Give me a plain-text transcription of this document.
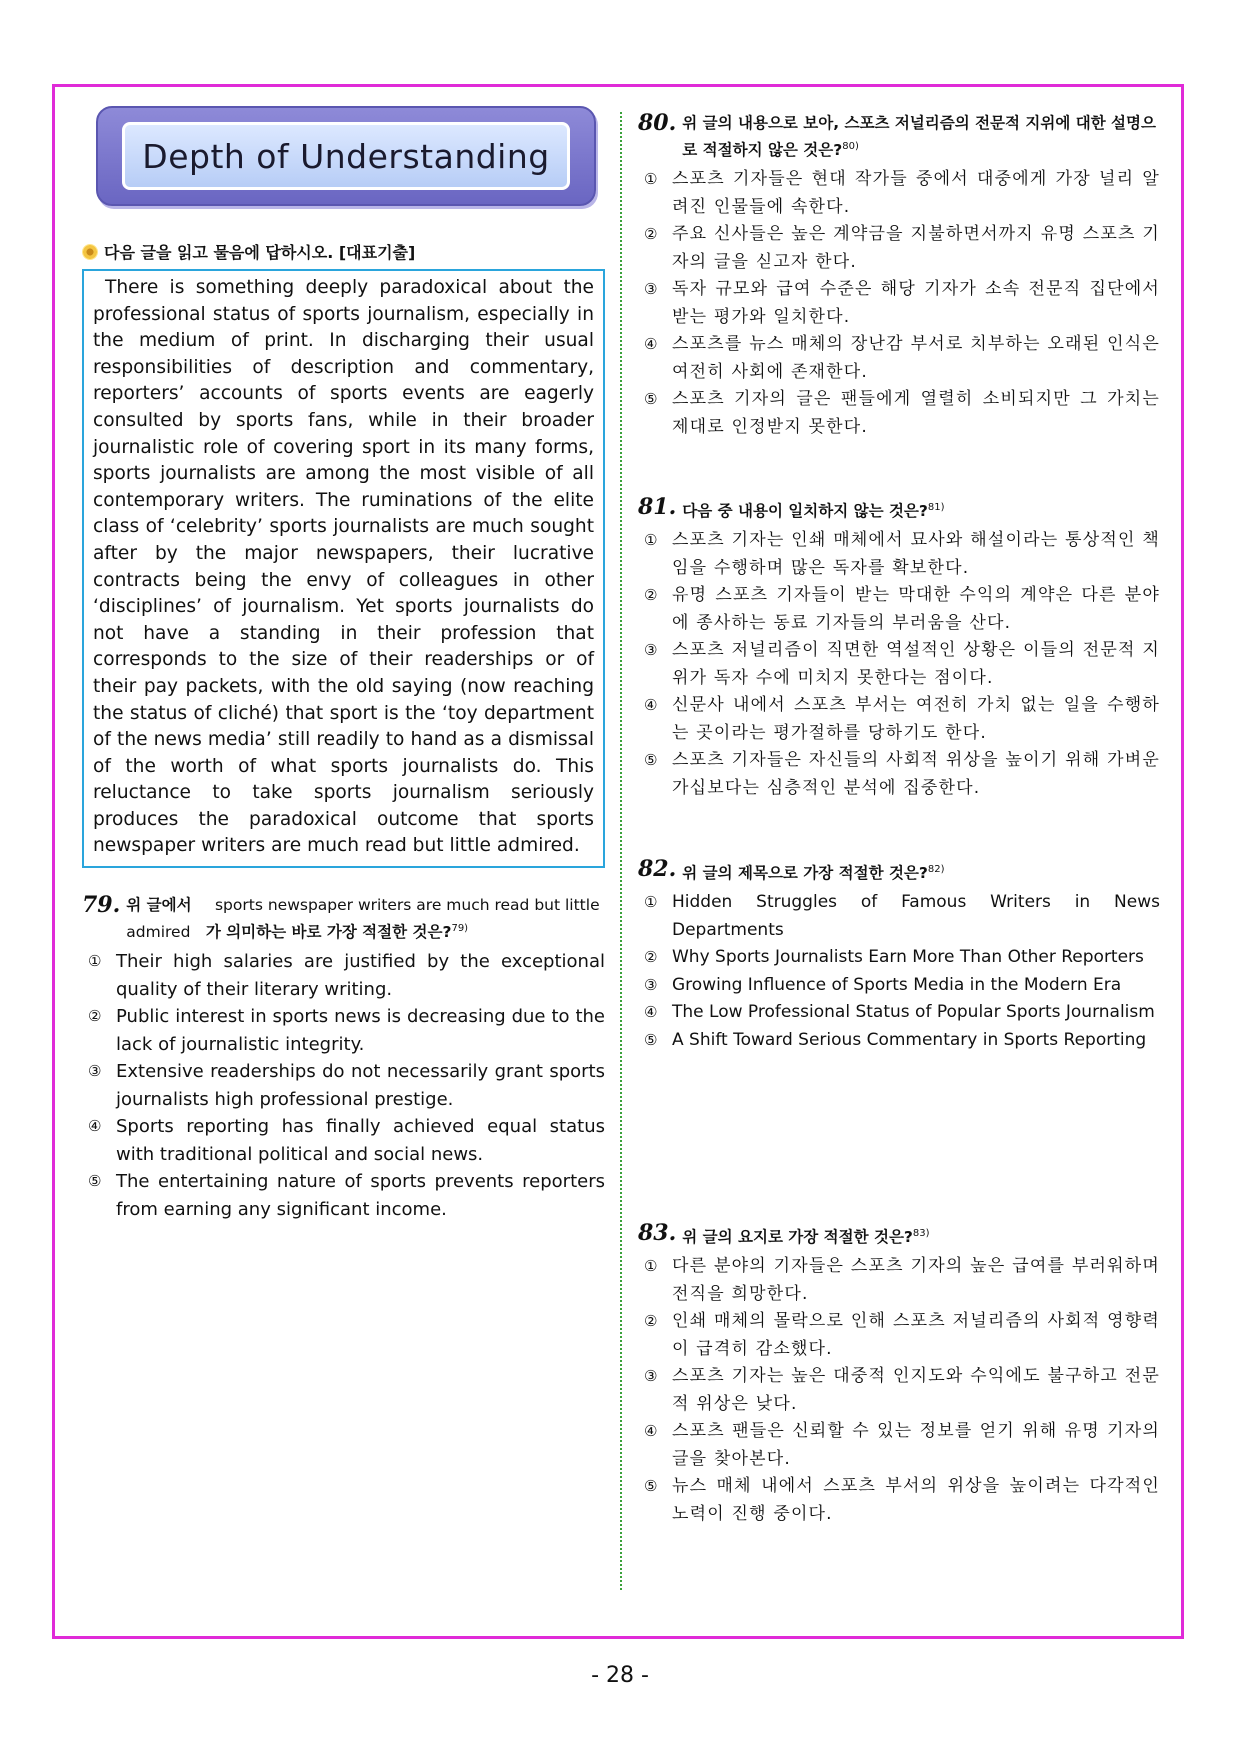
Depth of Understanding
다음 글을 읽고 물음에 답하시오. [대표기출]
There is something deeply paradoxical about the professional status of sports journalism, especially in the medium of print. In discharging their usual responsibilities of description and commentary, reporters’ accounts of sports events are eagerly consulted by sports fans, while in their broader journalistic role of covering sport in its many forms, sports journalists are among the most visible of all contemporary writers. The ruminations of the elite class of ‘celebrity’ sports journalists are much sought after by the major newspapers, their lucrative contracts being the envy of colleagues in other ‘disciplines’ of journalism. Yet sports journalists do not have a standing in their profession that corresponds to the size of their readerships or of their pay packets, with the old saying (now reaching the status of cliché) that sport is the ‘toy department of the news media’ still readily to hand as a dismissal of the worth of what sports journalists do. This reluctance to take sports journalism seriously produces the paradoxical outcome that sports newspaper writers are much read but little admired.
79. 위 글에서 sports newspaper writers are much read but little admired 가 의미하는 바로 가장 적절한 것은?$^{79)}$
① Their high salaries are justified by the exceptional quality of their literary writing.
② Public interest in sports news is decreasing due to the lack of journalistic integrity.
③ Extensive readerships do not necessarily grant sports journalists high professional prestige.
④ Sports reporting has finally achieved equal status with traditional political and social news.
⑤ The entertaining nature of sports prevents reporters from earning any significant income.
80. 위 글의 내용으로 보아, 스포츠 저널리즘의 전문적 지위에 대한 설명으로 적절하지 않은 것은?$^{80)}$
① 스포츠 기자들은 현대 작가들 중에서 대중에게 가장 널리 알려진 인물들에 속한다.
② 주요 신사들은 높은 계약금을 지불하면서까지 유명 스포츠 기자의 글을 싣고자 한다.
③ 독자 규모와 급여 수준은 해당 기자가 소속 전문직 집단에서 받는 평가와 일치한다.
④ 스포츠를 뉴스 매체의 장난감 부서로 치부하는 오래된 인식은 여전히 사회에 존재한다.
⑤ 스포츠 기자의 글은 팬들에게 열렬히 소비되지만 그 가치는 제대로 인정받지 못한다.
81. 다음 중 내용이 일치하지 않는 것은?$^{81)}$
① 스포츠 기자는 인쇄 매체에서 묘사와 해설이라는 통상적인 책임을 수행하며 많은 독자를 확보한다.
② 유명 스포츠 기자들이 받는 막대한 수익의 계약은 다른 분야에 종사하는 동료 기자들의 부러움을 산다.
③ 스포츠 저널리즘이 직면한 역설적인 상황은 이들의 전문적 지위가 독자 수에 미치지 못한다는 점이다.
④ 신문사 내에서 스포츠 부서는 여전히 가치 없는 일을 수행하는 곳이라는 평가절하를 당하기도 한다.
⑤ 스포츠 기자들은 자신들의 사회적 위상을 높이기 위해 가벼운 가십보다는 심층적인 분석에 집중한다.
82. 위 글의 제목으로 가장 적절한 것은?$^{82)}$
① Hidden Struggles of Famous Writers in News Departments
② Why Sports Journalists Earn More Than Other Reporters
③ Growing Influence of Sports Media in the Modern Era
④ The Low Professional Status of Popular Sports Journalism
⑤ A Shift Toward Serious Commentary in Sports Reporting
83. 위 글의 요지로 가장 적절한 것은?$^{83)}$
① 다른 분야의 기자들은 스포츠 기자의 높은 급여를 부러워하며 전직을 희망한다.
② 인쇄 매체의 몰락으로 인해 스포츠 저널리즘의 사회적 영향력이 급격히 감소했다.
③ 스포츠 기자는 높은 대중적 인지도와 수익에도 불구하고 전문적 위상은 낮다.
④ 스포츠 팬들은 신뢰할 수 있는 정보를 얻기 위해 유명 기자의 글을 찾아본다.
⑤ 뉴스 매체 내에서 스포츠 부서의 위상을 높이려는 다각적인 노력이 진행 중이다.
- 28 -
